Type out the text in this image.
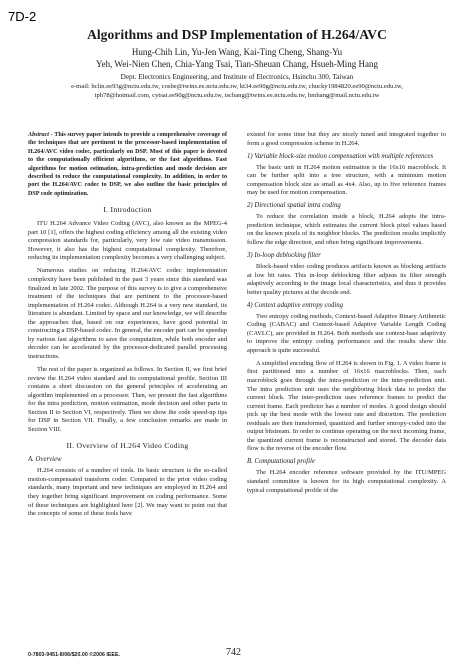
7D-2
Algorithms and DSP Implementation of H.264/AVC
Hung-Chih Lin, Yu-Jen Wang, Kai-Ting Cheng, Shang-Yu
Yeh, Wei-Nien Chen, Chia-Yang Tsai, Tian-Sheuan Chang, Hsueh-Ming Hang
Dept. Electronics Engineering, and Institute of Electronics, Hsinchu 300, Taiwan
e-mail: hclin.ee93g@nctu.edu.tw, cosbe@twins.ee.nctu.edu.tw, kt34.ee90g@nctu.edu.tw, chucky1984820.ee90@nctu.edu.tw,
tph78@hotmail.com, cytsai.ee90g@nctu.edu.tw, tschang@twins.ee.nctu.edu.tw, hmhang@mail.nctu.edu.tw

Abstract - This survey paper intends to provide a comprehensive coverage of the techniques that are pertinent to the processor-based implementation of H.264/AVC video codec, particularly on DSP. Most of this paper is devoted to the computationally efficient algorithms, or the fast algorithms. Fast algorithms for motion estimation, intra-prediction and mode decision are described to reduce the computational complexity. In addition, in order to port the H.264/AVC codec to DSP, we also outline the basic principles of DSP code optimization.

I. Introduction

ITU H.264 Advance Video Coding (AVC), also known as the MPEG-4 part 10 [1], offers the highest coding efficiency among all the existing video compression standards for, particularly, very low rate video transmission. However, it also has the highest computational complexity. Therefore, reducing its implementation complexity becomes a very challenging subject.

Numerous studies on reducing H.264/AVC codec implementation complexity have been published in the past 3 years since this standard was finalized in late 2002. The purpose of this survey is to give a comprehensive treatment of the techniques that are pertinent to the processor-based implementation of H.264 codec. Although H.264 is a very new standard, its literature is abundant. Limited by space and our knowledge, we will describe the approaches that, based on our experiences, have good potential in constructing a DSP-based codec. In general, the encoder part can be speedup by various fast algorithms to save the computation, while both encoder and decoder can be accelerated by the processor-dedicated parallel processing instructions.

The rest of the paper is organized as follows. In Section II, we first brief review the H.264 video standard and its computational profile. Section III contains a short discussion on the general principles of accelerating an algorithm implemented on a processor. Then, we present the fast algorithms for the intra prediction, motion estimation, mode decision and other parts in Section II to Section VI, respectively. Then we show the code speed-up tips for DSP in Section VII. Finally, a few conclusion remarks are made in Section VIII.

II. Overview of H.264 Video Coding
A. Overview

H.264 consists of a number of tools. Its basic structure is the so-called motion-compensated transform coder. Compared to the prior video coding standards, many important and new techniques are employed in H.264 and they together bring significant improvement on coding performance. Some of these techniques are highlighted here [2]. We may want to point out that the concepts of some of these tools have

existed for some time but they are nicely tuned and integrated together to form a good compression scheme in H.264.

1) Variable block-size motion compensation with multiple references

The basic unit in H.264 motion estimation is the 16x16 macroblock. It can be further split into a tree structure, with a minimum motion compensation block size as small as 4x4. Also, up to five reference frames may be used for motion compensation.

2) Directional spatial intra coding

To reduce the correlation inside a block, H.264 adopts the intra-prediction technique, which estimates the current block pixel values based on the known pixels of its neighbor blocks. The prediction results implicitly follow the edge direction, and often bring significant improvements.

3) In-loop deblocking filter

Block-based video coding produces artifacts known as blocking artifacts at low bit rates. This in-loop deblocking filter adjusts its filter strength adaptively according to the image local characteristics, and thus it provides better quality pictures at the decode end.

4) Context adaptive entropy coding

Two entropy coding methods, Context-based Adaptive Binary Arithmetic Coding (CABAC) and Context-based Adaptive Variable Length Coding (CAVLC), are provided in H.264. Both methods use context-base adaptivity to improve the entropy coding performance and the results show this approach is quite successful.

A simplified encoding flow of H.264 is shown in Fig. 1. A video frame is first partitioned into a number of 16x16 macroblocks. Then, each macroblock goes through the intra-prediction or the inter-prediction unit. The intra prediction unit uses the neighboring block data to predict the current block. The inter-prediction uses reference frames to predict the current frame. Each predictor has a number of modes. A good design should pick up the best mode with the lowest rate and distortion. The prediction residuals are then transformed, quantized and further entropy-coded into the output bitstream. In order to continue operating on the next incoming frame, the quantized current frame is reconstructed and stored. The decoder data flow is the reverse of the encoder flow.

B. Computational profile

The H.264 encoder reference software provided by the ITU/MPEG standard committee is known for its high computational complexity. A typical computational profile of the

0-7803-9451-8/06/$20.00 ©2006 IEEE.	742
